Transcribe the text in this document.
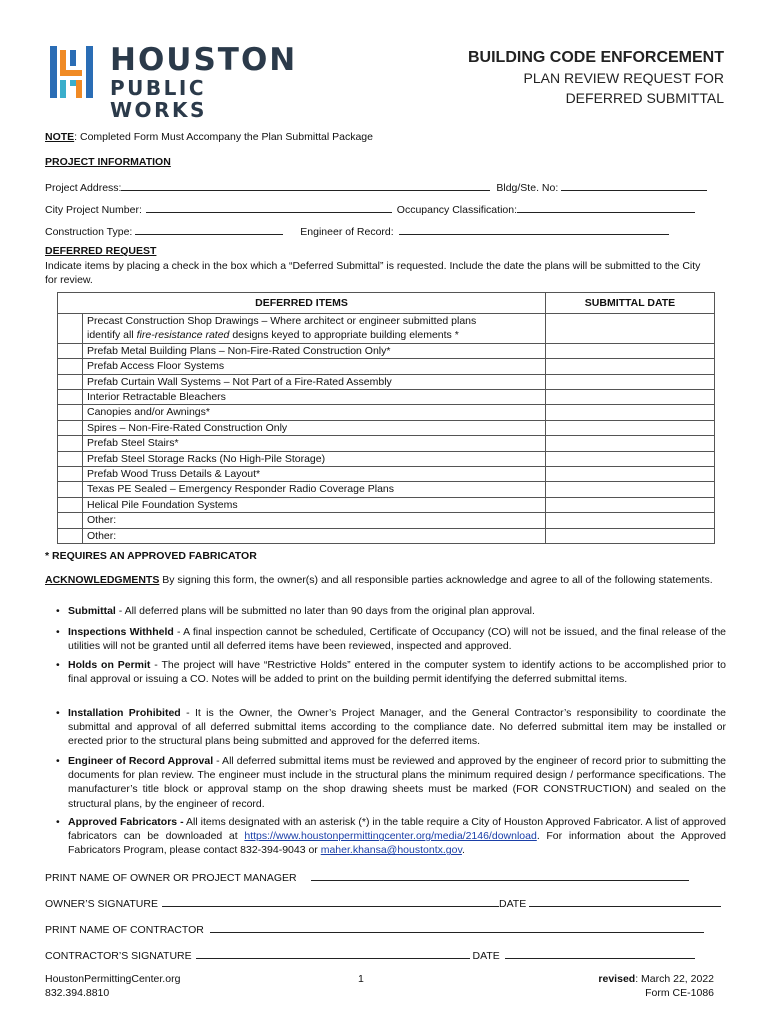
HOUSTON
PUBLIC WORKS
BUILDING CODE ENFORCEMENT
PLAN REVIEW REQUEST FOR
DEFERRED SUBMITTAL
NOTE: Completed Form Must Accompany the Plan Submittal Package
PROJECT INFORMATION
Project Address:	Bldg/Ste. No:
City Project Number:	Occupancy Classification:
Construction Type:	Engineer of Record:
DEFERRED REQUEST
Indicate items by placing a check in the box which a “Deferred Submittal” is requested. Include the date the plans will be submitted to the City for review.
DEFERRED ITEMS		SUBMITTAL DATE
	Precast Construction Shop Drawings – Where architect or engineer submitted plans
identify all fire-resistance rated designs keyed to appropriate building elements *	
	Prefab Metal Building Plans – Non-Fire-Rated Construction Only*	
	Prefab Access Floor Systems	
	Prefab Curtain Wall Systems – Not Part of a Fire-Rated Assembly	
	Interior Retractable Bleachers	
	Canopies and/or Awnings*	
	Spires – Non-Fire-Rated Construction Only	
	Prefab Steel Stairs*	
	Prefab Steel Storage Racks (No High-Pile Storage)	
	Prefab Wood Truss Details & Layout*	
	Texas PE Sealed – Emergency Responder Radio Coverage Plans	
	Helical Pile Foundation Systems	
	Other:	
	Other:	
* REQUIRES AN APPROVED FABRICATOR
ACKNOWLEDGMENTS By signing this form, the owner(s) and all responsible parties acknowledge and agree to all of the following statements.
• Submittal - All deferred plans will be submitted no later than 90 days from the original plan approval.
• Inspections Withheld - A final inspection cannot be scheduled, Certificate of Occupancy (CO) will not be issued, and the final release of the utilities will not be granted until all deferred items have been reviewed, inspected and approved.
• Holds on Permit - The project will have “Restrictive Holds” entered in the computer system to identify actions to be accomplished prior to final approval or issuing a CO. Notes will be added to print on the building permit identifying the deferred submittal items.
• Installation Prohibited - It is the Owner, the Owner’s Project Manager, and the General Contractor’s responsibility to coordinate the submittal and approval of all deferred submittal items according to the compliance date. No deferred submittal item may be installed or erected prior to the structural plans being submitted and approved for the deferred items.
• Engineer of Record Approval - All deferred submittal items must be reviewed and approved by the engineer of record prior to submitting the documents for plan review. The engineer must include in the structural plans the minimum required design / performance specifications. The manufacturer’s title block or approval stamp on the shop drawing sheets must be marked (FOR CONSTRUCTION) and sealed on the structural plans, by the engineer of record.
• Approved Fabricators - All items designated with an asterisk (*) in the table require a City of Houston Approved Fabricator. A list of approved fabricators can be downloaded at https://www.houstonpermittingcenter.org/media/2146/download. For information about the Approved Fabricators Program, please contact 832-394-9043 or maher.khansa@houstontx.gov.
PRINT NAME OF OWNER OR PROJECT MANAGER
OWNER’S SIGNATURE	DATE
PRINT NAME OF CONTRACTOR
CONTRACTOR’S SIGNATURE	DATE
HoustonPermittingCenter.org
832.394.8810
1	revised: March 22, 2022
Form CE-1086
